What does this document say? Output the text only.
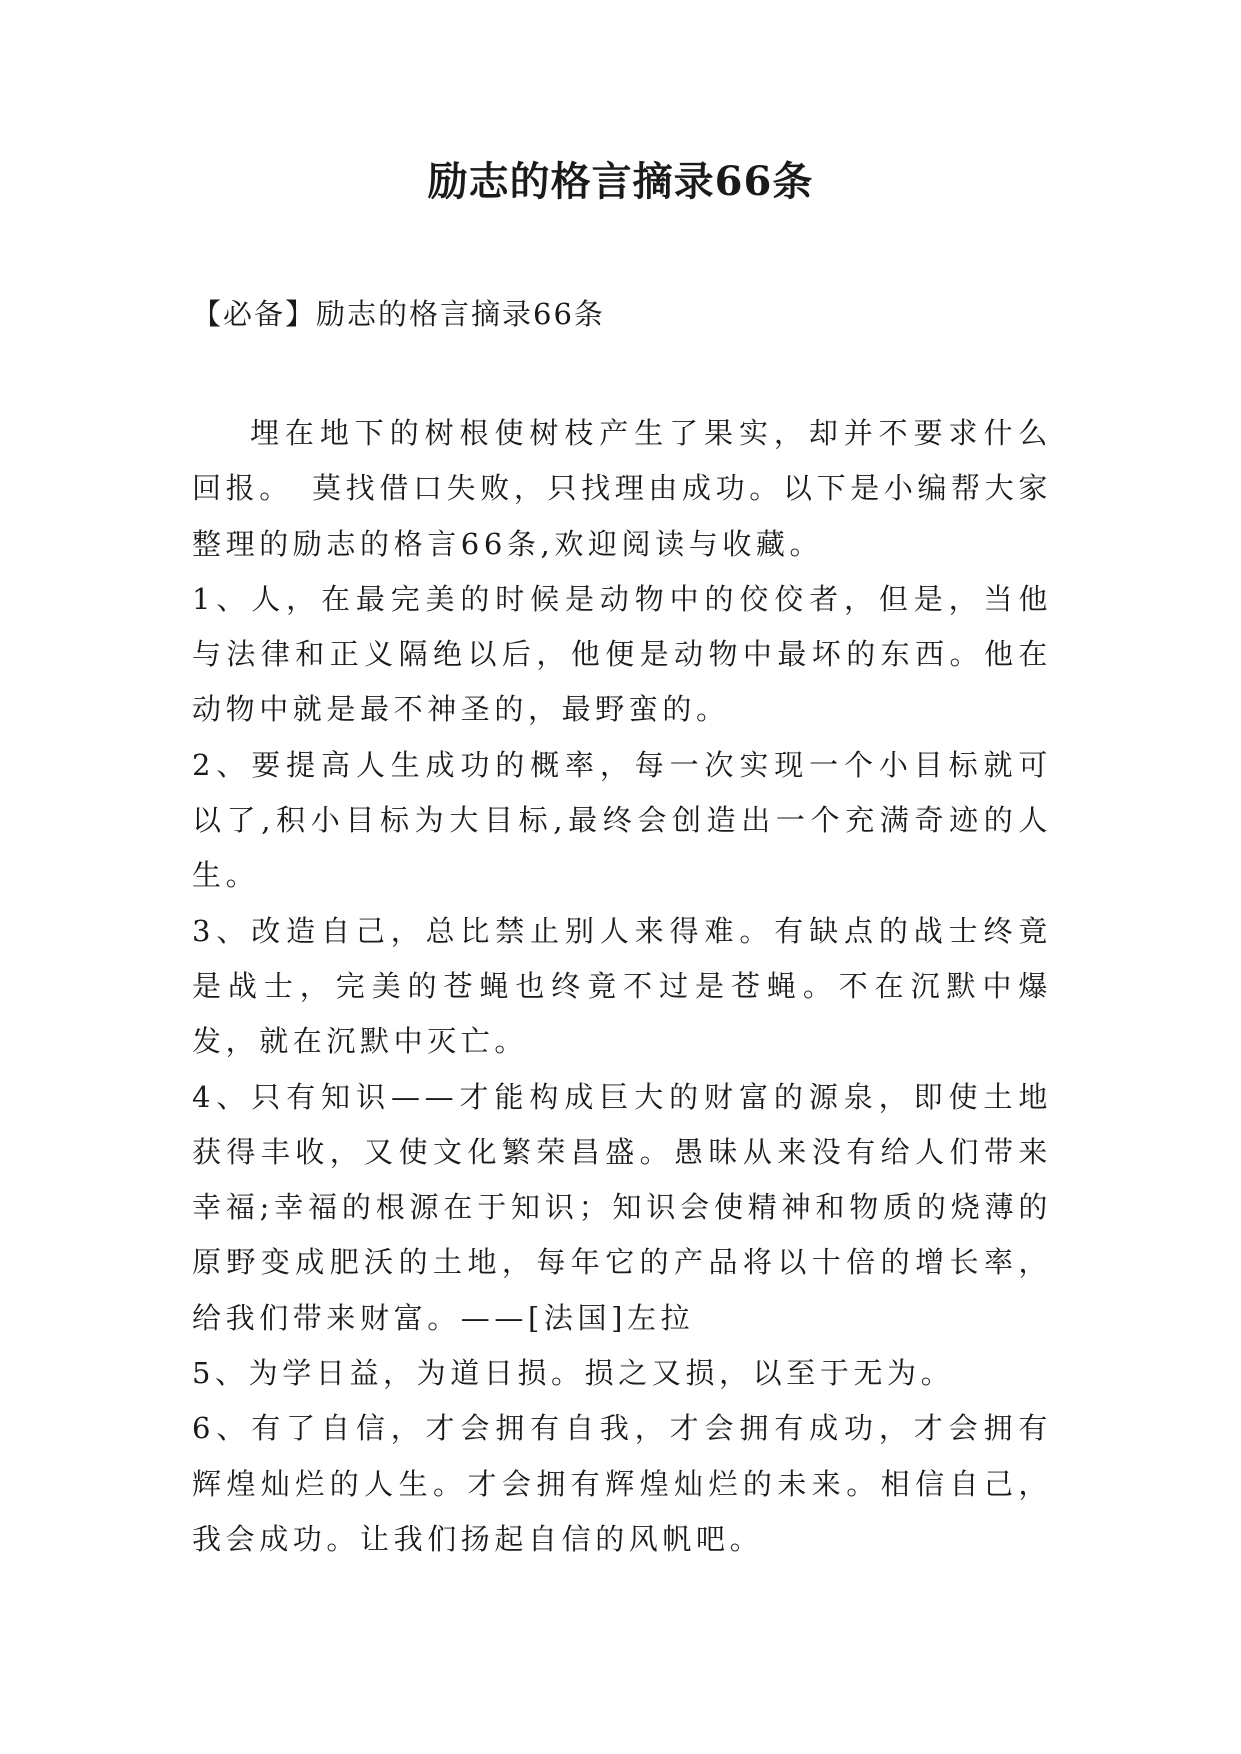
励志的格言摘录66条

【必备】励志的格言摘录66条

埋在地下的树根使树枝产生了果实，却并不要求什么回报。　莫找借口失败，只找理由成功。以下是小编帮大家整理的励志的格言66条,欢迎阅读与收藏。

1、人，在最完美的时候是动物中的佼佼者，但是，当他与法律和正义隔绝以后，他便是动物中最坏的东西。他在动物中就是最不神圣的，最野蛮的。

2、要提高人生成功的概率，每一次实现一个小目标就可以了,积小目标为大目标,最终会创造出一个充满奇迹的人生。

3、改造自己，总比禁止别人来得难。有缺点的战士终竟是战士，完美的苍蝇也终竟不过是苍蝇。不在沉默中爆发，就在沉默中灭亡。

4、只有知识——才能构成巨大的财富的源泉，即使土地获得丰收，又使文化繁荣昌盛。愚昧从来没有给人们带来幸福;幸福的根源在于知识；知识会使精神和物质的烧薄的原野变成肥沃的土地，每年它的产品将以十倍的增长率，给我们带来财富。——[法国]左拉

5、为学日益，为道日损。损之又损，以至于无为。

6、有了自信，才会拥有自我，才会拥有成功，才会拥有辉煌灿烂的人生。才会拥有辉煌灿烂的未来。相信自己，我会成功。让我们扬起自信的风帆吧。
